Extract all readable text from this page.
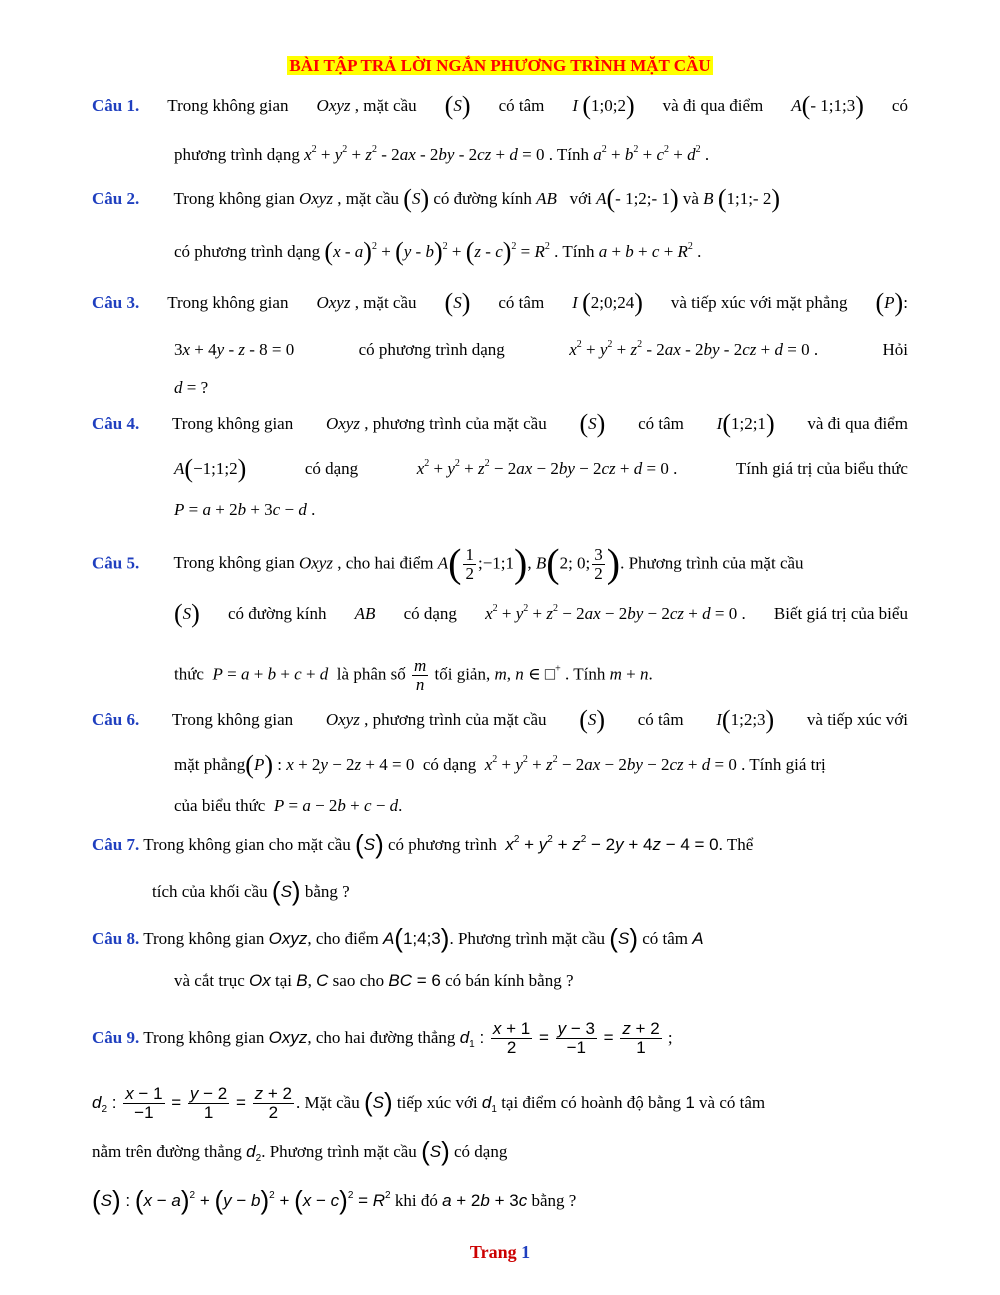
BÀI TẬP TRẢ LỜI NGẮN PHƯƠNG TRÌNH MẶT CẦU
Câu 1. Trong không gian Oxyz , mặt cầu (S) có tâm I (1;0;2) và đi qua điểm A(- 1;1;3) có
phương trình dạng $x^2 + y^2 + z^2 - 2ax - 2by - 2cz + d = 0$ . Tính $a^2 + b^2 + c^2 + d^2$ .
Câu 2. Trong không gian Oxyz , mặt cầu (S) có đường kính AB với A(- 1;2;- 1) và B (1;1;- 2)
có phương trình dạng $(x - a)^2 + (y - b)^2 + (z - c)^2 = R^2$ . Tính $a + b + c + R^2$ .
Câu 3. Trong không gian Oxyz , mặt cầu (S) có tâm I (2;0;24) và tiếp xúc với mặt phẳng (P):
3x + 4y - z - 8 = 0	có phương trình dạng	$x^2 + y^2 + z^2 - 2ax - 2by - 2cz + d = 0$ .	Hỏi
d = ?
Câu 4. Trong không gian Oxyz , phương trình của mặt cầu (S) có tâm I(1;2;1) và đi qua điểm
A(−1;1;2)	có dạng	$x^2 + y^2 + z^2 - 2ax - 2by - 2cz + d = 0$ .	Tính giá trị của biểu thức
P = a + 2b + 3c − d .
Câu 5. Trong không gian Oxyz , cho hai điểm $A( \frac{1}{2}$ ;−1;1), B(2; 0; $\frac{3}{2}$ ). Phương trình của mặt cầu
(S) có đường kính AB có dạng $x^2 + y^2 + z^2 - 2ax - 2by - 2cz + d = 0$ . Biết giá trị của biểu
thức P = a + b + c + d là phân số $\frac{m}{n}$ tối giản, m, n ∈ □+ . Tính m + n.
Câu 6. Trong không gian Oxyz , phương trình của mặt cầu (S) có tâm I(1;2;3) và tiếp xúc với
mặt phẳng(P) : x + 2y − 2z + 4 = 0  có dạng $x^2 + y^2 + z^2 - 2ax - 2by - 2cz + d = 0$ . Tính giá trị
của biểu thức P = a − 2b + c − d.
Câu 7. Trong không gian cho mặt cầu (S) có phương trình $x^2 + y^2 + z^2 - 2y + 4z - 4 = 0$. Thể
tích của khối cầu (S) bằng ?
Câu 8. Trong không gian Oxyz, cho điểm A(1;4;3). Phương trình mặt cầu (S) có tâm A
và cắt trục Ox tại B, C sao cho BC = 6 có bán kính bằng ?
Câu 9. Trong không gian Oxyz, cho hai đường thẳng $d_1$ : $\frac{x + 1}{2} = \frac{y - 3}{-1} = \frac{z + 2}{1}$ ;
$d_2$ : $\frac{x - 1}{-1} = \frac{y - 2}{1} = \frac{z + 2}{2}$ . Mặt cầu (S) tiếp xúc với $d_1$ tại điểm có hoành độ bằng 1 và có tâm
nằm trên đường thẳng $d_2$. Phương trình mặt cầu (S) có dạng
(S) : $(x - a)^2 + (y - b)^2 + (x - c)^2 = R^2$ khi đó a + 2b + 3c bằng ?
Trang 1
